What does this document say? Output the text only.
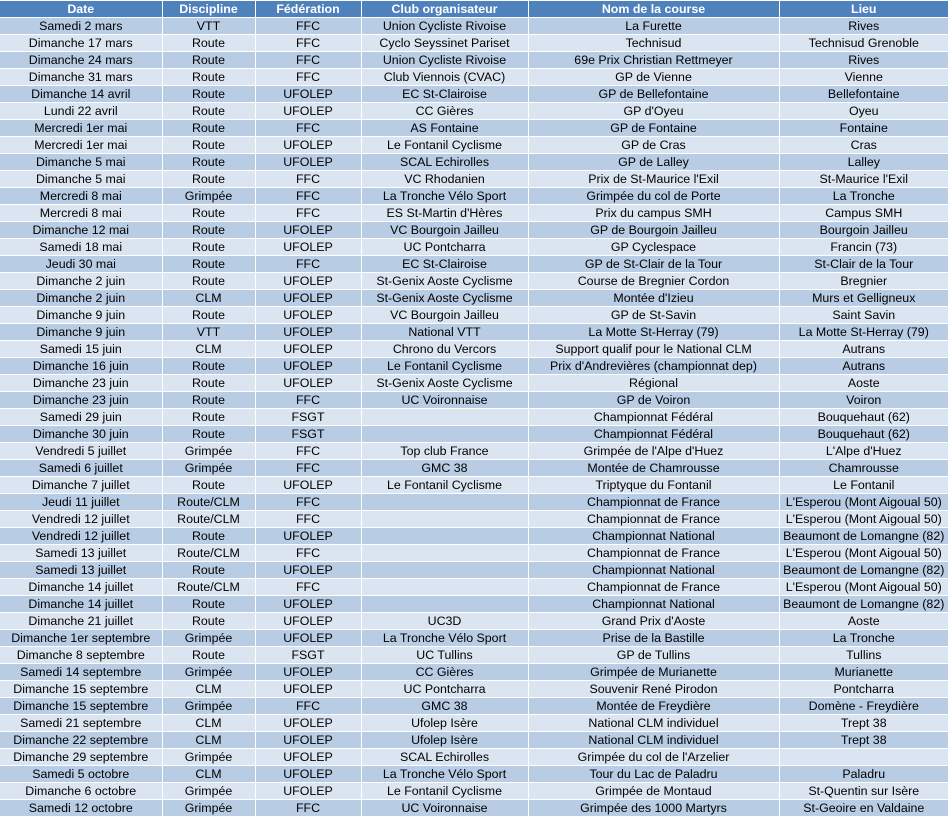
Date	Discipline	Fédération	Club organisateur	Nom de la course	Lieu
Samedi 2 mars	VTT	FFC	Union Cycliste Rivoise	La Furette	Rives
Dimanche 17 mars	Route	FFC	Cyclo Seyssinet Pariset	Technisud	Technisud Grenoble
Dimanche 24 mars	Route	FFC	Union Cycliste Rivoise	69e Prix Christian Rettmeyer	Rives
Dimanche 31 mars	Route	FFC	Club Viennois (CVAC)	GP de Vienne	Vienne
Dimanche 14 avril	Route	UFOLEP	EC St-Clairoise	GP de Bellefontaine	Bellefontaine
Lundi 22 avril	Route	UFOLEP	CC Gières	GP d'Oyeu	Oyeu
Mercredi 1er mai	Route	FFC	AS Fontaine	GP de Fontaine	Fontaine
Mercredi 1er mai	Route	UFOLEP	Le Fontanil Cyclisme	GP de Cras	Cras
Dimanche 5 mai	Route	UFOLEP	SCAL Echirolles	GP de Lalley	Lalley
Dimanche 5 mai	Route	FFC	VC Rhodanien	Prix de St-Maurice l'Exil	St-Maurice l'Exil
Mercredi 8 mai	Grimpée	FFC	La Tronche Vélo Sport	Grimpée du col de Porte	La Tronche
Mercredi 8 mai	Route	FFC	ES St-Martin d'Hères	Prix du campus SMH	Campus SMH
Dimanche 12 mai	Route	UFOLEP	VC Bourgoin Jailleu	GP de Bourgoin Jailleu	Bourgoin Jailleu
Samedi 18 mai	Route	UFOLEP	UC Pontcharra	GP Cyclespace	Francin (73)
Jeudi 30 mai	Route	FFC	EC St-Clairoise	GP de St-Clair de la Tour	St-Clair de la Tour
Dimanche 2 juin	Route	UFOLEP	St-Genix Aoste Cyclisme	Course de Bregnier Cordon	Bregnier
Dimanche 2 juin	CLM	UFOLEP	St-Genix Aoste Cyclisme	Montée d'Izieu	Murs et Gelligneux
Dimanche 9 juin	Route	UFOLEP	VC Bourgoin Jailleu	GP de St-Savin	Saint Savin
Dimanche 9 juin	VTT	UFOLEP	National VTT	La Motte St-Herray (79)	La Motte St-Herray (79)
Samedi 15 juin	CLM	UFOLEP	Chrono du Vercors	Support qualif pour le National CLM	Autrans
Dimanche 16 juin	Route	UFOLEP	Le Fontanil Cyclisme	Prix d'Andrevières (championnat dep)	Autrans
Dimanche 23 juin	Route	UFOLEP	St-Genix Aoste Cyclisme	Régional	Aoste
Dimanche 23 juin	Route	FFC	UC Voironnaise	GP de Voiron	Voiron
Samedi 29 juin	Route	FSGT		Championnat Fédéral	Bouquehaut (62)
Dimanche 30 juin	Route	FSGT		Championnat Fédéral	Bouquehaut (62)
Vendredi 5 juillet	Grimpée	FFC	Top club France	Grimpée de l'Alpe d'Huez	L'Alpe d'Huez
Samedi 6 juillet	Grimpée	FFC	GMC 38	Montée de Chamrousse	Chamrousse
Dimanche 7 juillet	Route	UFOLEP	Le Fontanil Cyclisme	Triptyque du Fontanil	Le Fontanil
Jeudi 11 juillet	Route/CLM	FFC		Championnat de France	L'Esperou (Mont Aigoual 50)
Vendredi 12 juillet	Route/CLM	FFC		Championnat de France	L'Esperou (Mont Aigoual 50)
Vendredi 12 juillet	Route	UFOLEP		Championnat National	Beaumont de Lomangne (82)
Samedi 13 juillet	Route/CLM	FFC		Championnat de France	L'Esperou (Mont Aigoual 50)
Samedi 13 juillet	Route	UFOLEP		Championnat National	Beaumont de Lomangne (82)
Dimanche 14 juillet	Route/CLM	FFC		Championnat de France	L'Esperou (Mont Aigoual 50)
Dimanche 14 juillet	Route	UFOLEP		Championnat National	Beaumont de Lomangne (82)
Dimanche 21 juillet	Route	UFOLEP	UC3D	Grand Prix d'Aoste	Aoste
Dimanche 1er septembre	Grimpée	UFOLEP	La Tronche Vélo Sport	Prise de la Bastille	La Tronche
Dimanche 8 septembre	Route	FSGT	UC Tullins	GP de Tullins	Tullins
Samedi 14 septembre	Grimpée	UFOLEP	CC Gières	Grimpée de Murianette	Murianette
Dimanche 15 septembre	CLM	UFOLEP	UC Pontcharra	Souvenir René Pirodon	Pontcharra
Dimanche 15 septembre	Grimpée	FFC	GMC 38	Montée de Freydière	Domène - Freydière
Samedi 21 septembre	CLM	UFOLEP	Ufolep Isère	National CLM individuel	Trept 38
Dimanche 22 septembre	CLM	UFOLEP	Ufolep Isère	National CLM individuel	Trept 38
Dimanche 29 septembre	Grimpée	UFOLEP	SCAL Echirolles	Grimpée du col de l'Arzelier	
Samedi 5 octobre	CLM	UFOLEP	La Tronche Vélo Sport	Tour du Lac de Paladru	Paladru
Dimanche 6 octobre	Grimpée	UFOLEP	Le Fontanil Cyclisme	Grimpée de Montaud	St-Quentin sur Isère
Samedi 12 octobre	Grimpée	FFC	UC Voironnaise	Grimpée des 1000 Martyrs	St-Geoire en Valdaine
